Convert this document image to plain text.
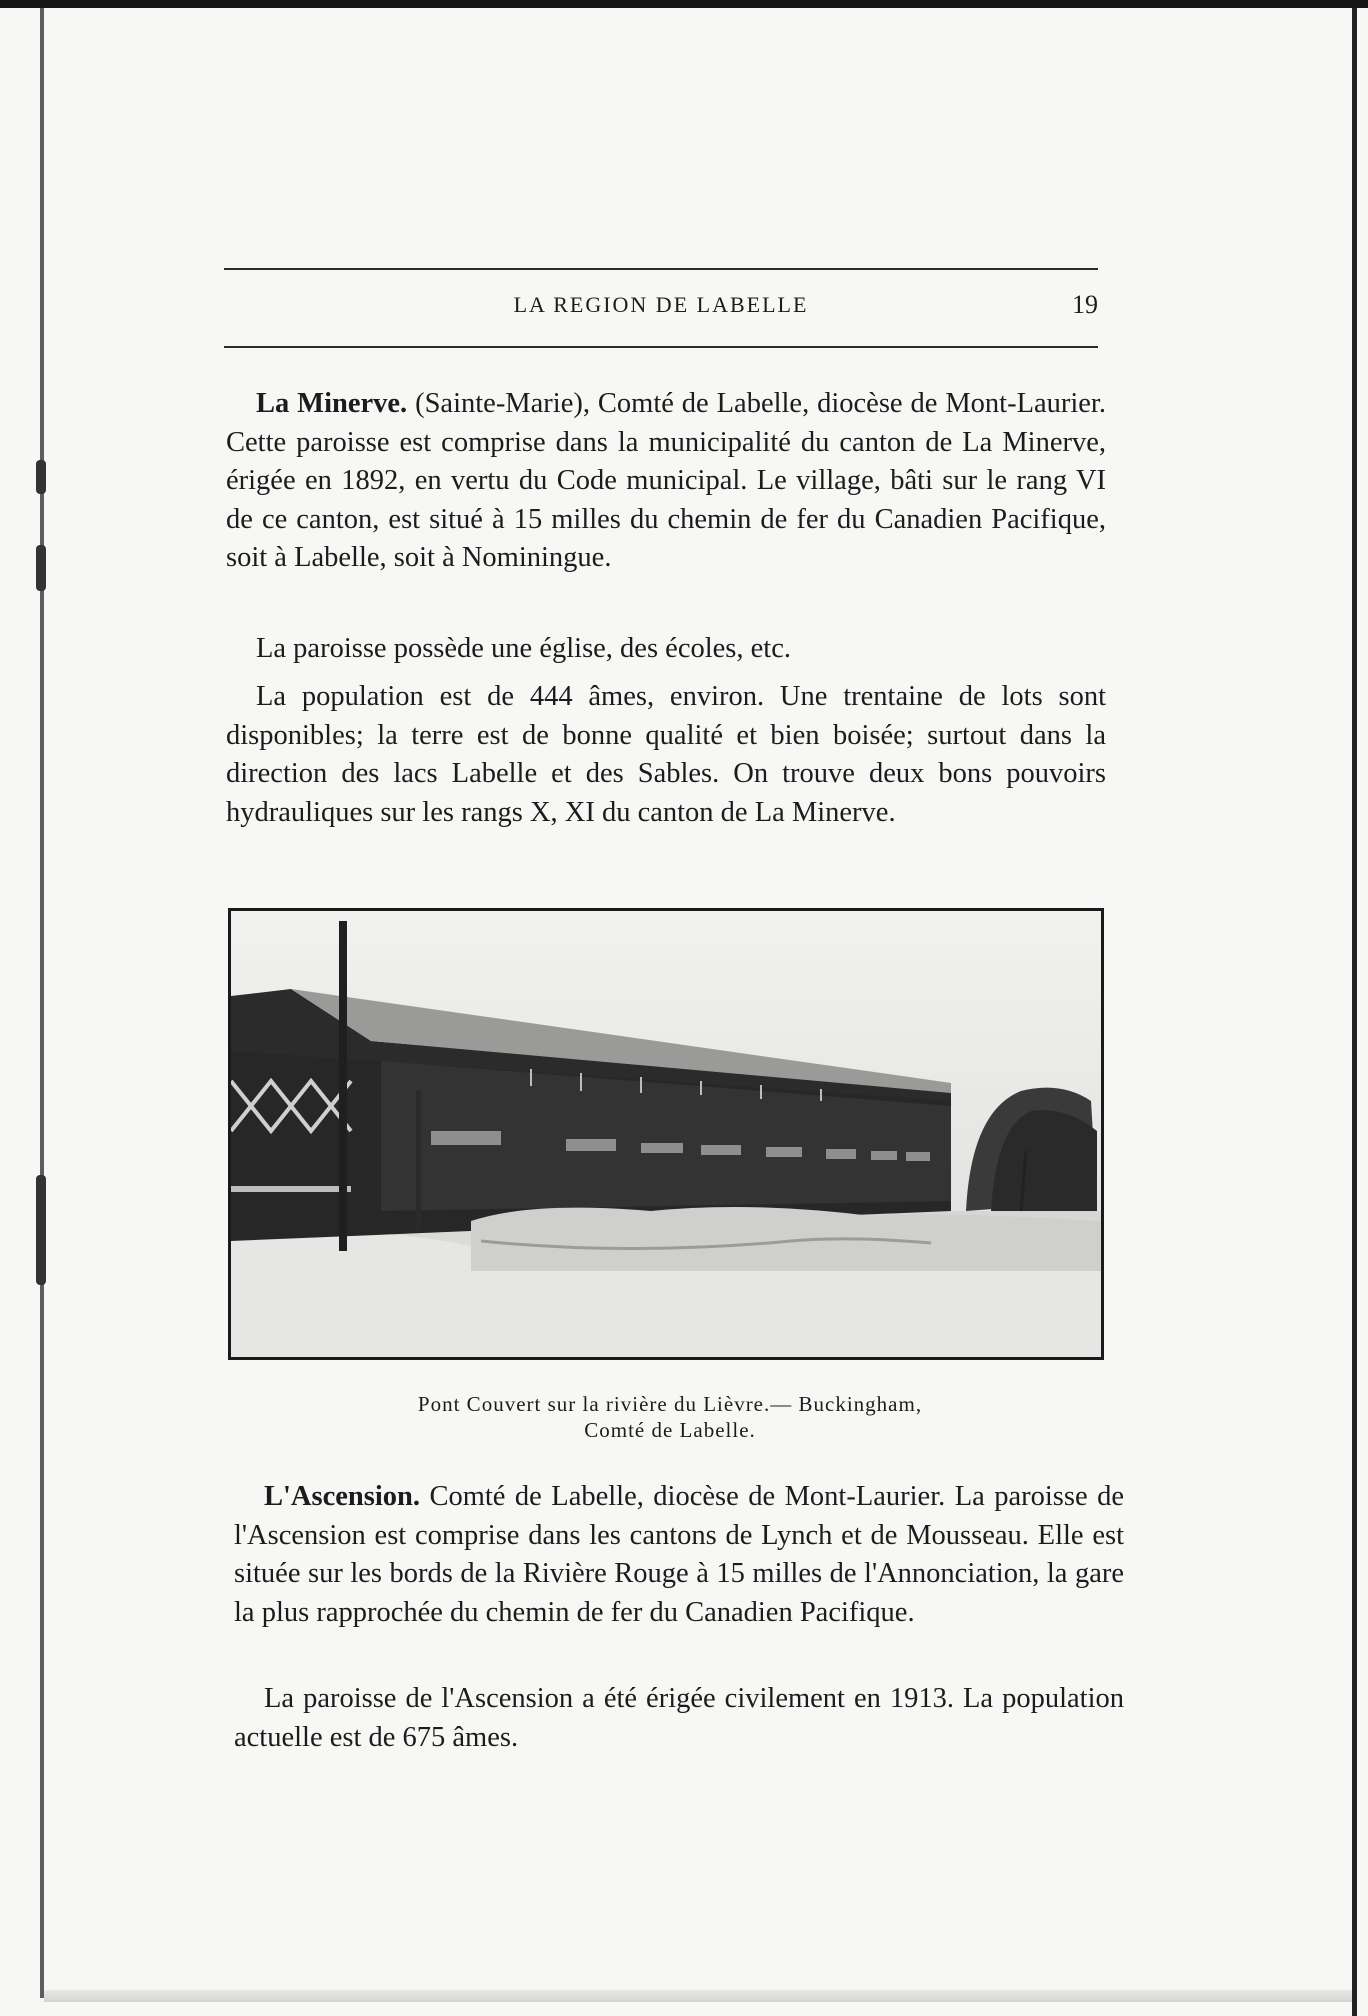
LA REGION DE LABELLE	19

La Minerve. (Sainte-Marie), Comté de Labelle, diocèse de Mont-Laurier. Cette paroisse est comprise dans la municipalité du canton de La Minerve, érigée en 1892, en vertu du Code municipal. Le village, bâti sur le rang VI de ce canton, est situé à 15 milles du chemin de fer du Canadien Pacifique, soit à Labelle, soit à Nominingue.

La paroisse possède une église, des écoles, etc.

La population est de 444 âmes, environ. Une trentaine de lots sont disponibles; la terre est de bonne qualité et bien boisée; surtout dans la direction des lacs Labelle et des Sables. On trouve deux bons pouvoirs hydrauliques sur les rangs X, XI du canton de La Minerve.

Pont Couvert sur la rivière du Lièvre.— Buckingham,
Comté de Labelle.

L'Ascension. Comté de Labelle, diocèse de Mont-Laurier. La paroisse de l'Ascension est comprise dans les cantons de Lynch et de Mousseau. Elle est située sur les bords de la Rivière Rouge à 15 milles de l'Annonciation, la gare la plus rapprochée du chemin de fer du Canadien Pacifique.

La paroisse de l'Ascension a été érigée civilement en 1913. La population actuelle est de 675 âmes.
